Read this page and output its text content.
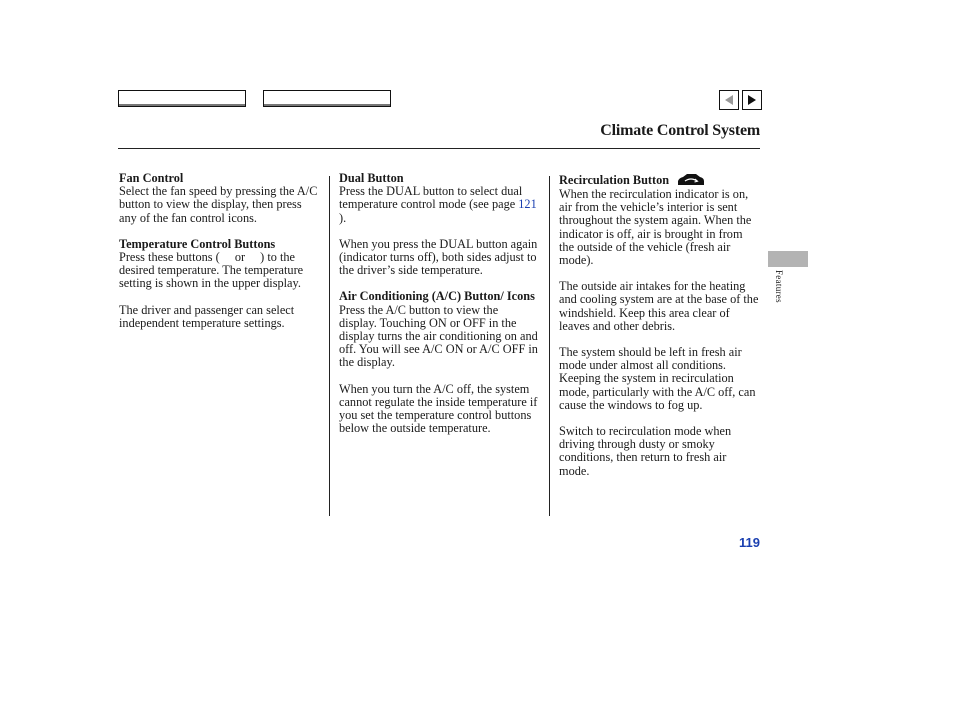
Climate Control System
Fan Control
Select the fan speed by pressing the A/C button to view the display, then press any of the fan control icons.
Temperature Control Buttons
Press these buttons ( or ) to the desired temperature. The temperature setting is shown in the upper display.
The driver and passenger can select independent temperature settings.
Dual Button
Press the DUAL button to select dual temperature control mode (see page 121 ).
When you press the DUAL button again (indicator turns off), both sides adjust to the driver’s side temperature.
Air Conditioning (A/C) Button/ Icons
Press the A/C button to view the display. Touching ON or OFF in the display turns the air conditioning on and off. You will see A/C ON or A/C OFF in the display.
When you turn the A/C off, the system cannot regulate the inside temperature if you set the temperature control buttons below the outside temperature.
Recirculation Button
When the recirculation indicator is on, air from the vehicle’s interior is sent throughout the system again. When the indicator is off, air is brought in from the outside of the vehicle (fresh air mode).
The outside air intakes for the heating and cooling system are at the base of the windshield. Keep this area clear of leaves and other debris.
The system should be left in fresh air mode under almost all conditions. Keeping the system in recirculation mode, particularly with the A/C off, can cause the windows to fog up.
Switch to recirculation mode when driving through dusty or smoky conditions, then return to fresh air mode.
Features
119
